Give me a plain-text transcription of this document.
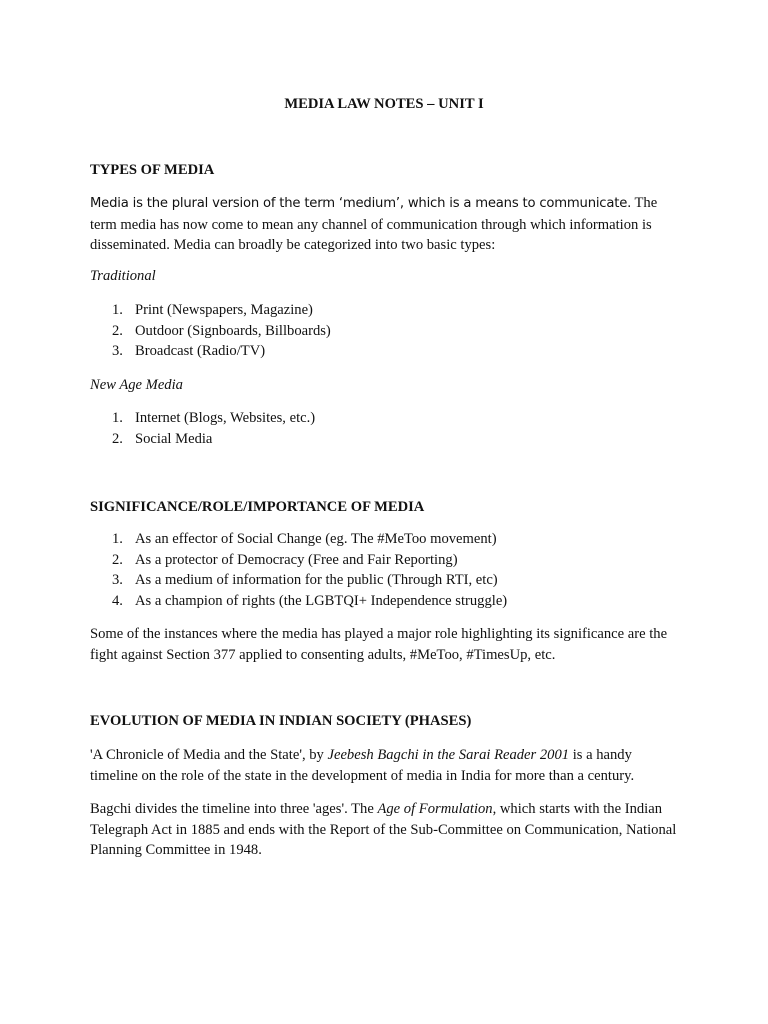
MEDIA LAW NOTES – UNIT I
TYPES OF MEDIA

Media is the plural version of the term ‘medium’, which is a means to communicate. The term media has now come to mean any channel of communication through which information is disseminated. Media can broadly be categorized into two basic types:

Traditional

1. Print (Newspapers, Magazine)
2. Outdoor (Signboards, Billboards)
3. Broadcast (Radio/TV)

New Age Media

1. Internet (Blogs, Websites, etc.)
2. Social Media
SIGNIFICANCE/ROLE/IMPORTANCE OF MEDIA
1. As an effector of Social Change (eg. The #MeToo movement)
2. As a protector of Democracy (Free and Fair Reporting)
3. As a medium of information for the public (Through RTI, etc)
4. As a champion of rights (the LGBTQI+ Independence struggle)

Some of the instances where the media has played a major role highlighting its significance are the fight against Section 377 applied to consenting adults, #MeToo, #TimesUp, etc.

EVOLUTION OF MEDIA IN INDIAN SOCIETY (PHASES)

'A Chronicle of Media and the State', by Jeebesh Bagchi in the Sarai Reader 2001 is a handy timeline on the role of the state in the development of media in India for more than a century.

Bagchi divides the timeline into three 'ages'. The Age of Formulation, which starts with the Indian Telegraph Act in 1885 and ends with the Report of the Sub-Committee on Communication, National Planning Committee in 1948.
